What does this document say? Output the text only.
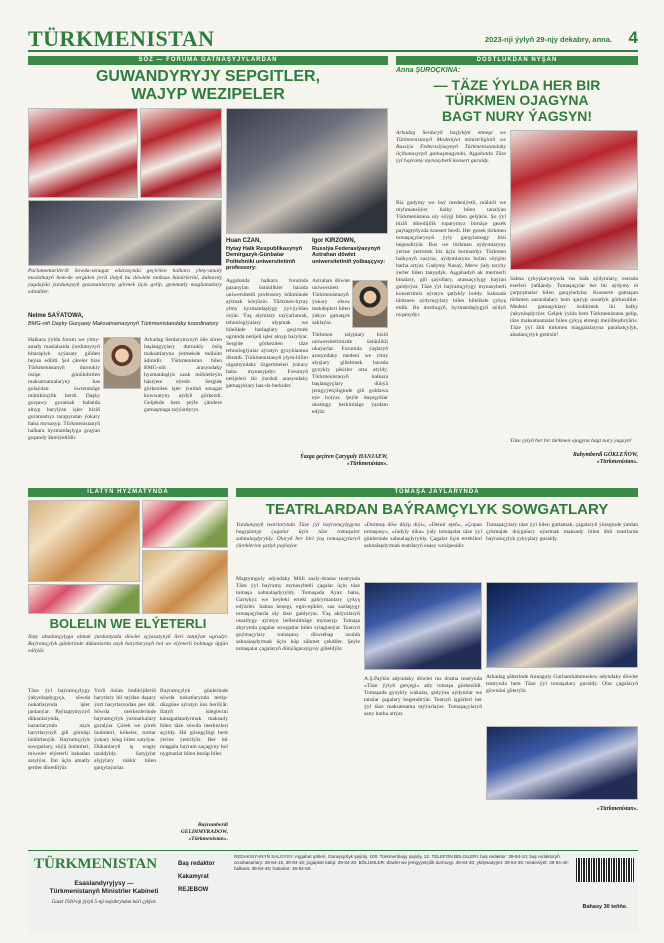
TÜRKMENISTAN	2023-nji ýylyň 29-njy dekabry, anna. 4
SÖZ — FORUMA GATNAŞYJYLARDAN
GUWANDYRYJY SEPGITLER,
WAJYP WEZIPELER
Parlamentarileriň Sowda-senagat edarasynda geçirilen halkara ylmy-amaly maslahatyň hem-de sergiden ýerli ilatyň bu döwlete mahsus hünärlerini, dabaraly ýagdaýda ýurdumyzyň gazananlaryny görmek üçin gelip, gymmatly maglumatlary edindiler.
Nelme SAÝATOWA,
BMG-niň Daşky Gurşawy Maksatnamasynyň Türkmenistandaky koordinatory
Halkara ýylda forum we ylmy-amaly maslahatda ýurdumyzyň bitaraplyk syýasaty giňden beýan edildi. Şol çäreler bize Türkmenistanyň durnukly ösüşe gönükdirilen maksatnamalaryny has golaýdan öwrenmäge mümkinçilik berdi. Daşky gurşawy goramak babatda alnyp barylýan işler biziň guramamyz tarapyndan ýokary baha mynasyp. Türkmenistanyň halkara hyzmatdaşlyga goşýan goşandy ähmiýetlidir.
Arkadag Serdarymyzyň öňe süren başlangyçlary durnukly ösüş maksatlaryna ýetmekde möhüm ädimdir. Türkmenistan bilen BMG-niň arasyndaky hyzmatdaşlyk uzak möhletleýin häsiýete eýedir. Sergide görkezilen işler ýurduň senagat kuwwatyny aýdyň görkezdi. Geljekde hem şeýle çärelere gatnaşmaga taýýardyrys.
Huan CZAN,
Hytaý Halk Respublikasynyň Demirgazyk-Günbatar Politehniki uniwersitetiniň professory:
Aşgabatda halkara forumda gazanylan üstünlikler barada uniwersitetiň professory hökmünde aýtmak isleýärin. Türkmen-hytaý ylmy hyzmatdaşlygy ýyl-ýyldan ösýär. Ýaş alymlary taýýarlamak, tehnologiýalary alyşmak we bilelikde barlaglary geçirmek ugrunda netijeli işler alnyp barylýar. Sergide görkezilen täze tehnologiýalar aýratyn gyzyklanma döretdi. Türkmenistanyň ylym-bilim ulgamyndaky özgertmeleri ýokary baha mynasypdyr. Forumyň netijeleri iki ýurduň arasyndaky gatnaşyklary has-da berkider.
Igor KIRZOWN,
Russiýa Federasiýasynyň Astrahan döwlet uniwersitetiniň ýolbaşçysy:
Astrahan döwlet uniwersiteti Türkmenistanyň ýokary okuw mekdepleri bilen ýakyn gatnaşyk saklaýar.
Türkmen talyplary biziň uniwersitetimizde üstünlikli okaýarlar. Forumda ýaşlaryň arasyndaky medeni we ylmy alyşlary giňeltmek barada gyzykly pikirler orta atyldy. Türkmenistanyň halkara başlangyçlary dünýä jemgyýetçiliginde giň goldawa eýe bolýar. Şeýle duşuşyklar dostlugy berkitmäge ýardam edýär.
Ýazga geçiren Çaryguly HANJAEW,
«Türkmenistan».
DOSTLUKDAN NYŞAN
Anna ŞUROÇKINA:
— TÄZE ÝYLDA HER BIR
TÜRKMEN OJAGYNA
BAGT NURY ÝAGSYN!
Arkadag Serdaryň başlyklyk etmegi we Türkmenistanyň Medeniýet ministrliginiň we Russiýa Federasiýasynyň Türkmenistandaky ilçihanasynyň gatnaşmagynda, Aşgabatda Täze ýyl baýramy mynasybetli konsert guraldy.
Biz gadymy we baý medeniýetli, mähirli we myhmansöýer halky bilen tanalýan Türkmenistana uly söýgi bilen gelýäris. Şu ýyl biziň döredijilik toparymyz birnäçe gezek paýtagtyňyzda konsert berdi. Her gezek türkmen tomaşaçylarynyň ýyly garşylamagy bizi begendirýär. Rus we türkmen aýdymlaryny ýerine ýetirmek biz üçin hormatdyr. Türkmen halkynyň sazyna, aýdymlaryna bolan söýgim barha artýar. Gadymy Nusaý, Merw ýaly taryhy ýerler bilen tanyşdyk. Aşgabadyň ak mermerli binalary, giň şaýollary, arassaçylygy haýran galdyrýar. Täze ýyl baýramçylygy mynasybetli konsertimiz aýratyn şatlykly boldy. Sahnada türkmen aýdymçylary bilen bilelikde çykyş etdik. Bu dostlugyň, hyzmatdaşlygyň aýdyň nyşanydyr.
Sahna çykyşlarymyzda rus halk aýdymlary, estrada eserleri ýaňlandy. Tomaşaçylar her bir aýdymy el çarpyşmalar bilen garşyladylar. Konserte gatnaşan türkmen sazandalary hem ajaýyp ussatlyk görkezdiler. Medeni gatnaşyklary ösdürmek iki halky ýakynlaşdyrýar. Geljek ýylda hem Türkmenistana gelip, täze maksatnamalar bilen çykyş etmegi meýilleşdirýäris. Täze ýyl ähli türkmen maşgalalaryna parahatçylyk, abadançylyk getirsin!
Täze ýylyň her bir türkmen ojagyna bagt nury ýagsyn!
Rahymberdi GÖKLEŇOW,
«Türkmenistan».
ILATYŇ HYZMATYNDA
BOLELIN WE ELÝETERLI
Ilaty abadançylyga almak ýurdumyzda döwlet syýasatynyň ileri tutulýan ugrudyr. Baýramçylyk günlerinde dükanlarda azyk harytlarynyň bol we elýeterli bolmagy üpjün edilýär.
Täze ýyl baýramçylygy ýakynlaşdygyça, söwda nokatlarynda işler janlanýar. Paýtagtymyzyň dükanlarynda, bazarlarynda azyk harytlarynyň giň görnüşi hödürlenýär. Baýramçylyk sowgatlary, süýji önümleri, miweler elýeterli bahadan satylýar. Ilat üçin amatly şertler döredilýär.
Ýerli önüm öndürijileriň harytlary hil taýdan daşary ýurt harytlaryndan pes däl. Söwda merkezlerinde baýramçylyk ýarmarkalary guralýar. Çörek we çörek önümleri, kökeler, tortlar ýokary isleg bilen satylýar. Dükanlaryň iş wagty uzaldyldy. Satyjylar alyjylary mähir bilen garşylaýarlar.
Baýramçylyk günlerinde söwda nokatlarynda tertip-düzgüne aýratyn üns berilýär. Ilatyň isleglerini kanagatlandyrmak maksady bilen täze söwda merkezleri açyldy. Hil gözegçiligi berk ýerine ýetirilýär. Her bir maşgala baýram saçagyny bol nygmatlar bilen bezäp biler.
Baýramberdi GELDIMYRADOW,
«Türkmenistan».
TOMAŞA JAÝLARYNDA
TEATRLARDAN BAÝRAMÇYLYK SOWGATLARY
Ýurdumyzyň teatrlarynda Täze ýyl baýramçylygyna bagyşlanyp çagalar üçin täze tomaşalar sahnalaşdyryldy. Olaryň her biri ýaş tomaşaçylaryň ýüreklerine şatlyk paýlaýar.
«Durmuş döw düýp diýi», «Demir ejeň», «Çopan tomaşasy», «Jadyly nika» ýaly tomaşalar täze ýyl günlerinde sahnalaşdyryldy. Çagalar üçin ertekileri sahnalaşdyrmak teatrlaryň esasy wezipesidir.
Tomaşaçylary täze ýyl bilen gutlamak, çagalaryň ýüreginde ýatdan çykmajak duýgulary oýarmak maksady bilen ähli teatrlarda baýramçylyk çykyşlary guraldy.
Magtymguly adyndaky Milli sazly-drama teatrynda Täze ýyl baýramy mynasybetli çagalar üçin täze tomaşa sahnalaşdyryldy. Tomaşada Aýaz baba, Garlykyz we beýleki erteki gahrymanlary çykyş edýärler. Sahna bezegi, egin-eşikler, saz sazlaşygy tomaşaçylarda uly täsir galdyrýar. Ýaş aktýorlaryň ussatlygy aýratyn bellenilmäge mynasyp. Tomaşa ahyrynda çagalar sowgatlar bilen sylaglanýar. Teatryň guýmaçylary tomaşany döwrebap usulda sahnalaşdyrmak üçin köp zähmet çekdiler. Şeýle tomaşalar çagalaryň dünýägaraýşyny giňeldýär.
A.Ş.Paýkin adyndaky döwlet rus drama teatrynda «Täze ýylyň gerçegi» atly tomaşa görkezildi. Tomaşada gyzykly wakalar, şadyýan aýdymlar we tanslar çagalary begendirýär. Teatryň işgärleri her ýyl täze maksatnama taýýarlaýar. Tomaşaçylaryň sany barha artýar.
Arkadag şäherinde Annaguly Gurbanmämmedow adyndaky döwlet teatrynda hem Täze ýyl tomaşalary guraldy. Olar çagalaryň göwnüni göterýär.
«Türkmenistan».
TÜRKMENISTAN
Esaslandyryjysy —
Türkmenistanyň Ministrler Kabineti
Gazet 1920-nji ýylyň 5-nji noýabryndan bäri çykýar.
Baş redaktor
Kakamyrat
REJEBOW
REDAKSIÝANYŇ SALGYSY: Aşgabat şäheri, Garaşsyzlyk şaýoly, 100. Türkmenbaşy şaýoly, 22. TELEFON BELGILERI: baş redaktor: 39-84-10; baş redaktoryň orunbasarlary: 39-84-15, 39-84-16; jogapkär kätip: 39-84-20. BÖLÜMLER: döwlet we jemgyýetçilik durmuşy: 39-84-30; ykdysadyýet: 39-84-35; medeniýet: 39-84-40; halkara: 39-84-45; habarlar: 39-84-50.
Bahasy 30 teňňe.
